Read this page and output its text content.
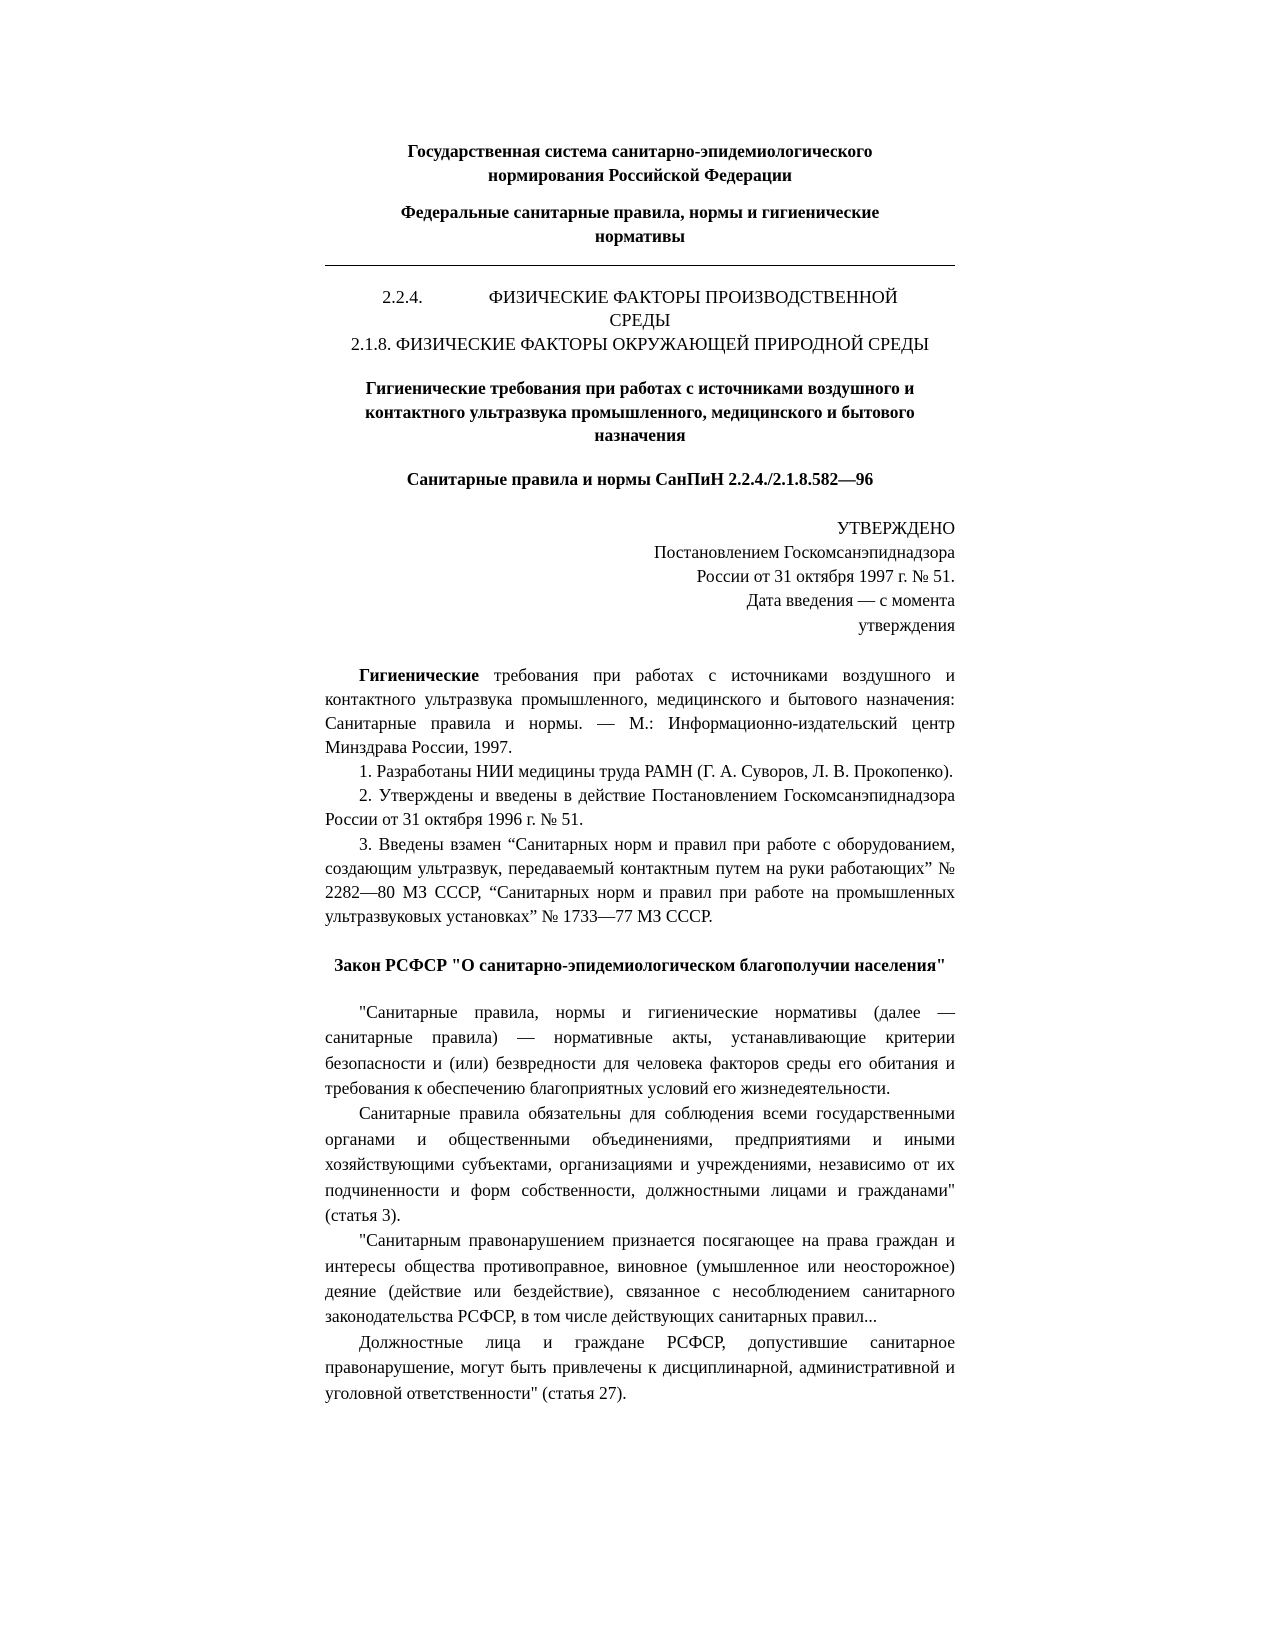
Государственная система санитарно-эпидемиологического
нормирования Российской Федерации
Федеральные санитарные правила, нормы и гигиенические
нормативы
2.2.4.	ФИЗИЧЕСКИЕ ФАКТОРЫ ПРОИЗВОДСТВЕННОЙ
СРЕДЫ
2.1.8. ФИЗИЧЕСКИЕ ФАКТОРЫ ОКРУЖАЮЩЕЙ ПРИРОДНОЙ СРЕДЫ
Гигиенические требования при работах с источниками воздушного и контактного ультразвука промышленного, медицинского и бытового назначения
Санитарные правила и нормы СанПиН 2.2.4./2.1.8.582—96
УТВЕРЖДЕНО
Постановлением Госкомсанэпиднадзора
России от 31 октября 1997 г. № 51.
Дата введения — с момента
утверждения

Гигиенические требования при работах с источниками воздушного и контактного ультразвука промышленного, медицинского и бытового назначения: Санитарные правила и нормы. — М.: Информационно-издательский центр Минздрава России, 1997.

1. Разработаны НИИ медицины труда РАМН (Г. А. Суворов, Л. В. Прокопенко).

2. Утверждены и введены в действие Постановлением Госкомсанэпиднадзора России от 31 октября 1996 г. № 51.

3. Введены взамен “Санитарных норм и правил при работе с оборудованием, создающим ультразвук, передаваемый контактным путем на руки работающих” № 2282—80 МЗ СССР, “Санитарных норм и правил при работе на промышленных ультразвуковых установках” № 1733—77 МЗ СССР.

Закон РСФСР "О санитарно-эпидемиологическом благополучии населения"

"Санитарные правила, нормы и гигиенические нормативы (далее — санитарные правила) — нормативные акты, устанавливающие критерии безопасности и (или) безвредности для человека факторов среды его обитания и требования к обеспечению благоприятных условий его жизнедеятельности.

Санитарные правила обязательны для соблюдения всеми государственными органами и общественными объединениями, предприятиями и иными хозяйствующими субъектами, организациями и учреждениями, независимо от их подчиненности и форм собственности, должностными лицами и гражданами" (статья 3).

"Санитарным правонарушением признается посягающее на права граждан и интересы общества противоправное, виновное (умышленное или неосторожное) деяние (действие или бездействие), связанное с несоблюдением санитарного законодательства РСФСР, в том числе действующих санитарных правил...

Должностные лица и граждане РСФСР, допустившие санитарное правонарушение, могут быть привлечены к дисциплинарной, административной и уголовной ответственности" (статья 27).
